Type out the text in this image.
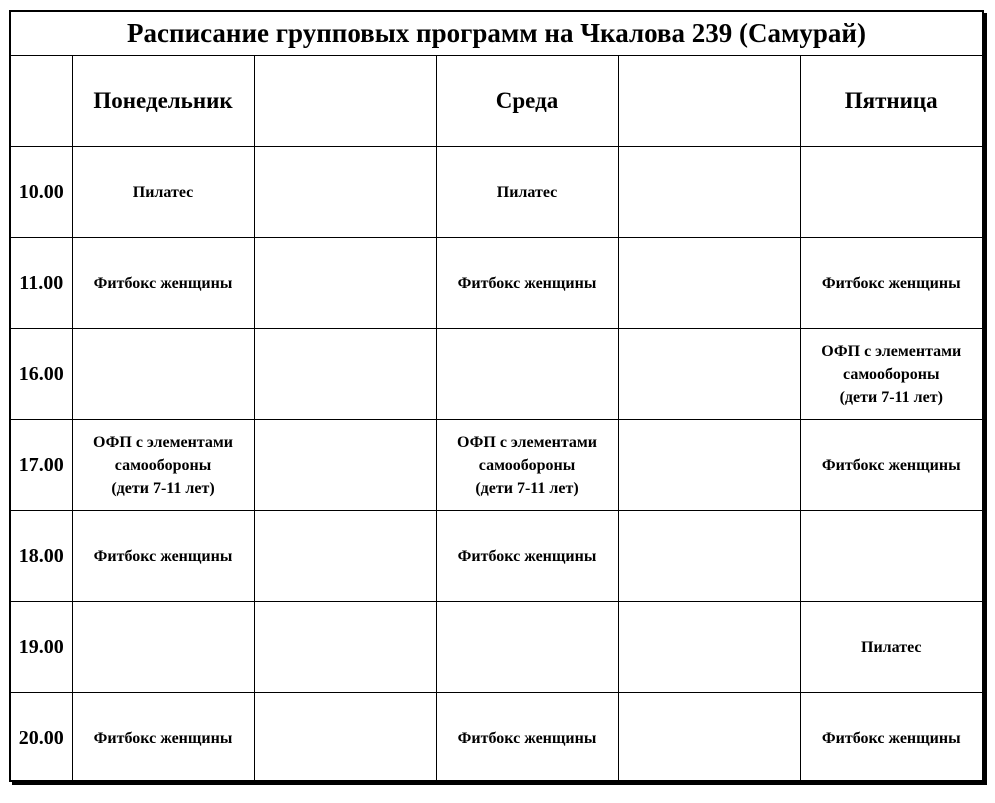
Расписание групповых программ на Чкалова 239 (Самурай)
	Понедельник		Среда		Пятница
10.00	Пилатес		Пилатес		
11.00	Фитбокс женщины		Фитбокс женщины		Фитбокс женщины
16.00					ОФП с элементами
самообороны
(дети 7-11 лет)
17.00	ОФП с элементами
самообороны
(дети 7-11 лет)		ОФП с элементами
самообороны
(дети 7-11 лет)		Фитбокс женщины
18.00	Фитбокс женщины		Фитбокс женщины		
19.00					Пилатес
20.00	Фитбокс женщины		Фитбокс женщины		Фитбокс женщины
